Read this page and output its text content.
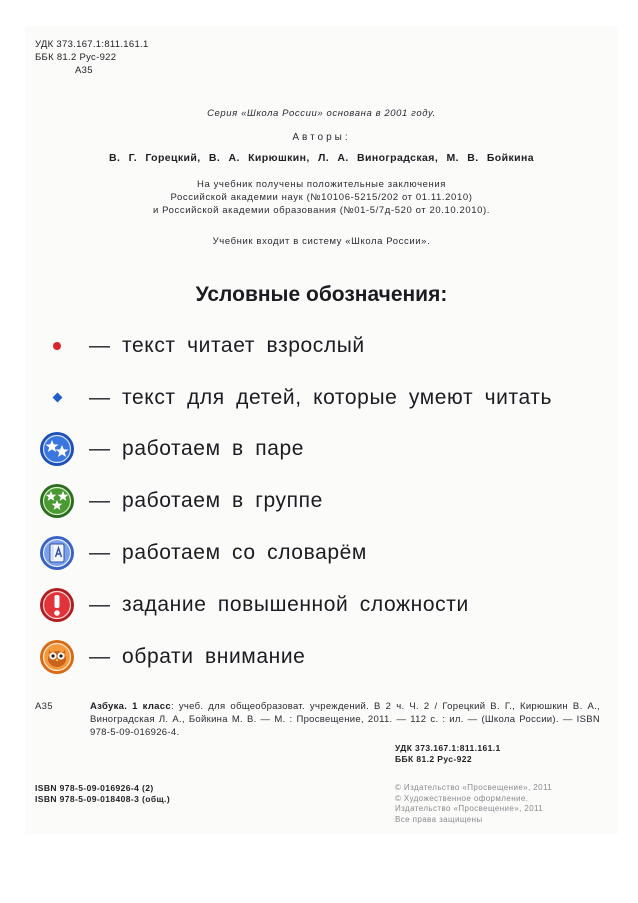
УДК 373.167.1:811.161.1
ББК 81.2 Рус-922
А35
Серия «Школа России» основана в 2001 году.
Авторы:
В. Г. Горецкий, В. А. Кирюшкин, Л. А. Виноградская, М. В. Бойкина
На учебник получены положительные заключения
Российской академии наук (№10106-5215/202 от 01.11.2010)
и Российской академии образования (№01-5/7д-520 от 20.10.2010).
Учебник входит в систему «Школа России».
Условные обозначения:
— текст читает взрослый
— текст для детей, которые умеют читать
— работаем в паре
— работаем в группе
— работаем со словарём
— задание повышенной сложности
— обрати внимание
А35	Азбука. 1 класс: учеб. для общеобразоват. учреждений. В 2 ч. Ч. 2 / Горецкий В. Г., Кирюшкин В. А., Виноградская Л. А., Бойкина М. В. — М. : Просвещение, 2011. — 112 с. : ил. — (Школа России). — ISBN 978-5-09-016926-4.
УДК 373.167.1:811.161.1
ББК 81.2 Рус-922
ISBN 978-5-09-016926-4 (2)
ISBN 978-5-09-018408-3 (общ.)
© Издательство «Просвещение», 2011
© Художественное оформление.
Издательство «Просвещение», 2011
Все права защищены
